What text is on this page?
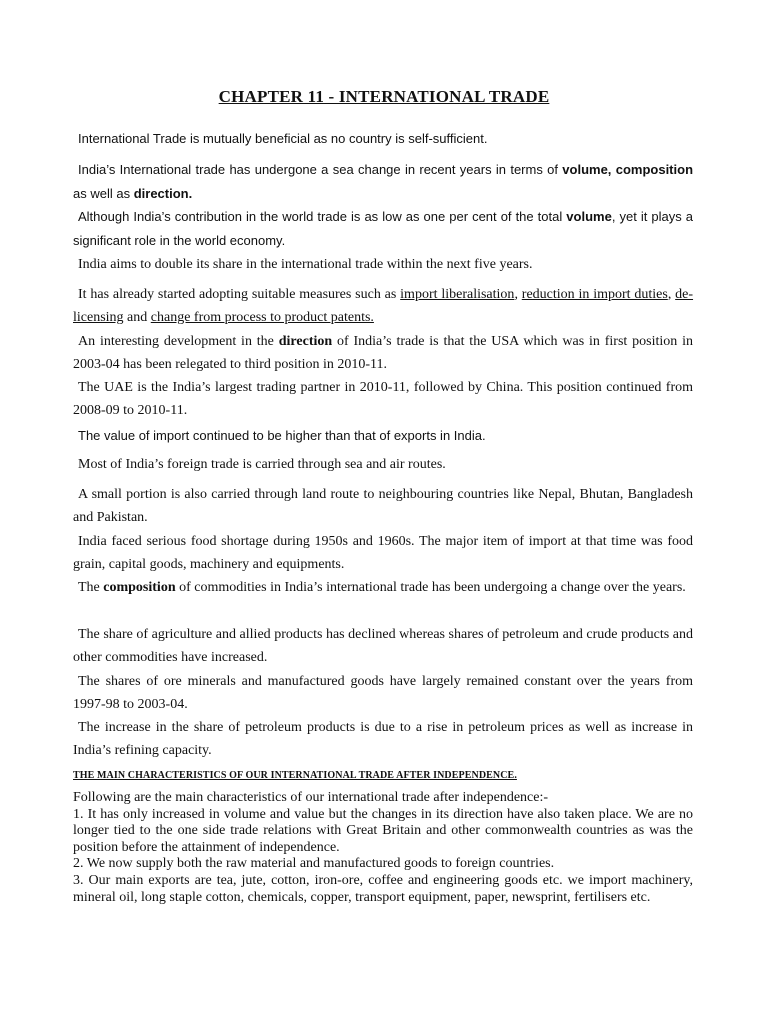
CHAPTER 11 - INTERNATIONAL TRADE
International Trade is mutually beneficial as no country is self-sufficient.
India’s International trade has undergone a sea change in recent years in terms of volume, composition as well as direction.
Although India’s contribution in the world trade is as low as one per cent of the total volume, yet it plays a significant role in the world economy.
India aims to double its share in the international trade within the next five years.
It has already started adopting suitable measures such as import liberalisation, reduction in import duties, de-licensing and change from process to product patents.
An interesting development in the direction of India’s trade is that the USA which was in first position in 2003-04 has been relegated to third position in 2010-11.
The UAE is the India’s largest trading partner in 2010-11, followed by China. This position continued from 2008-09 to 2010-11.
The value of import continued to be higher than that of exports in India.
Most of India’s foreign trade is carried through sea and air routes.
A small portion is also carried through land route to neighbouring countries like Nepal, Bhutan, Bangladesh and Pakistan.
India faced serious food shortage during 1950s and 1960s. The major item of import at that time was food grain, capital goods, machinery and equipments.
The composition of commodities in India’s international trade has been undergoing a change over the years.
The share of agriculture and allied products has declined whereas shares of petroleum and crude products and other commodities have increased.
The shares of ore minerals and manufactured goods have largely remained constant over the years from 1997-98 to 2003-04.
The increase in the share of petroleum products is due to a rise in petroleum prices as well as increase in India’s refining capacity.
THE MAIN CHARACTERISTICS OF OUR INTERNATIONAL TRADE AFTER INDEPENDENCE.
Following are the main characteristics of our international trade after independence:-
1. It has only increased in volume and value but the changes in its direction have also taken place. We are no longer tied to the one side trade relations with Great Britain and other commonwealth countries as was the position before the attainment of independence.
2. We now supply both the raw material and manufactured goods to foreign countries.
3. Our main exports are tea, jute, cotton, iron-ore, coffee and engineering goods etc. we import machinery, mineral oil, long staple cotton, chemicals, copper, transport equipment, paper, newsprint, fertilisers etc.
